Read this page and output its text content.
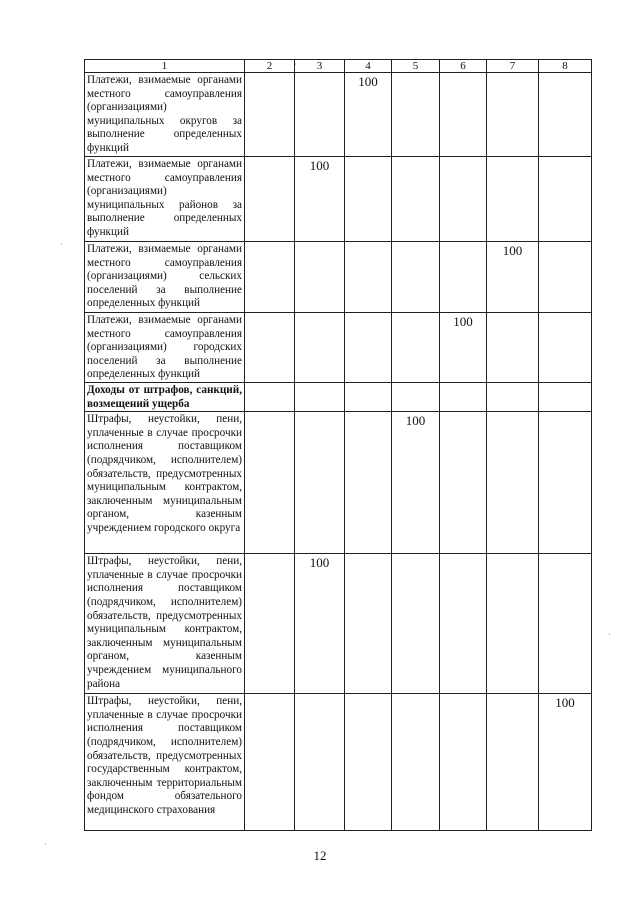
1	2	3	4	5	6	7	8
Платежи, взимаемые органами местного самоуправления (организациями) муниципальных округов за выполнение определенных функций			100				
Платежи, взимаемые органами местного самоуправления (организациями) муниципальных районов за выполнение определенных функций		100					
Платежи, взимаемые органами местного самоуправления (организациями) сельских поселений за выполнение определенных функций						100	
Платежи, взимаемые органами местного самоуправления (организациями) городских поселений за выполнение определенных функций					100		
Доходы от штрафов, санкций, возмещений ущерба							
Штрафы, неустойки, пени, уплаченные в случае просрочки исполнения поставщиком (подрядчиком, исполнителем) обязательств, предусмотренных муниципальным контрактом, заключенным муниципальным органом, казенным учреждением городского округа				100			
Штрафы, неустойки, пени, уплаченные в случае просрочки исполнения поставщиком (подрядчиком, исполнителем) обязательств, предусмотренных муниципальным контрактом, заключенным муниципальным органом, казенным учреждением муниципального района		100					
Штрафы, неустойки, пени, уплаченные в случае просрочки исполнения поставщиком (подрядчиком, исполнителем) обязательств, предусмотренных государственным контрактом, заключенным территориальным фондом обязательного медицинского страхования							100
12
·
·
·
·
